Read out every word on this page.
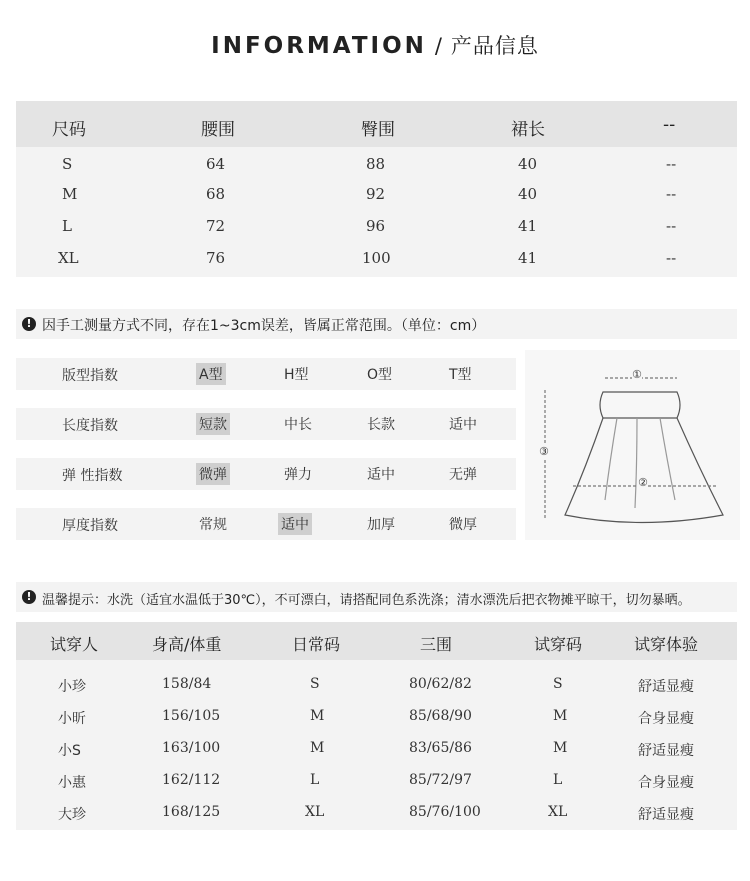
INFORMATION / 产品信息
尺码	腰围	臀围	裙长	--
S	64	88	40	--
M	68	92	40	--
L	72	96	41	--
XL	76	100	41	--
! 因手工测量方式不同，存在1~3cm误差，皆属正常范围。（单位：cm）
版型指数	A型	H型	O型	T型
长度指数	短款	中长	长款	适中
弹 性指数	微弹	弹力	适中	无弹
厚度指数	常规	适中	加厚	微厚
①
②
③
! 温馨提示：水洗（适宜水温低于30℃），不可漂白，请搭配同色系洗涤；清水漂洗后把衣物摊平晾干，切勿暴晒。
试穿人	身高/体重	日常码	三围	试穿码	试穿体验
小珍	158/84	S	80/62/82	S	舒适显瘦
小昕	156/105	M	85/68/90	M	合身显瘦
小S	163/100	M	83/65/86	M	舒适显瘦
小惠	162/112	L	85/72/97	L	合身显瘦
大珍	168/125	XL	85/76/100	XL	舒适显瘦
